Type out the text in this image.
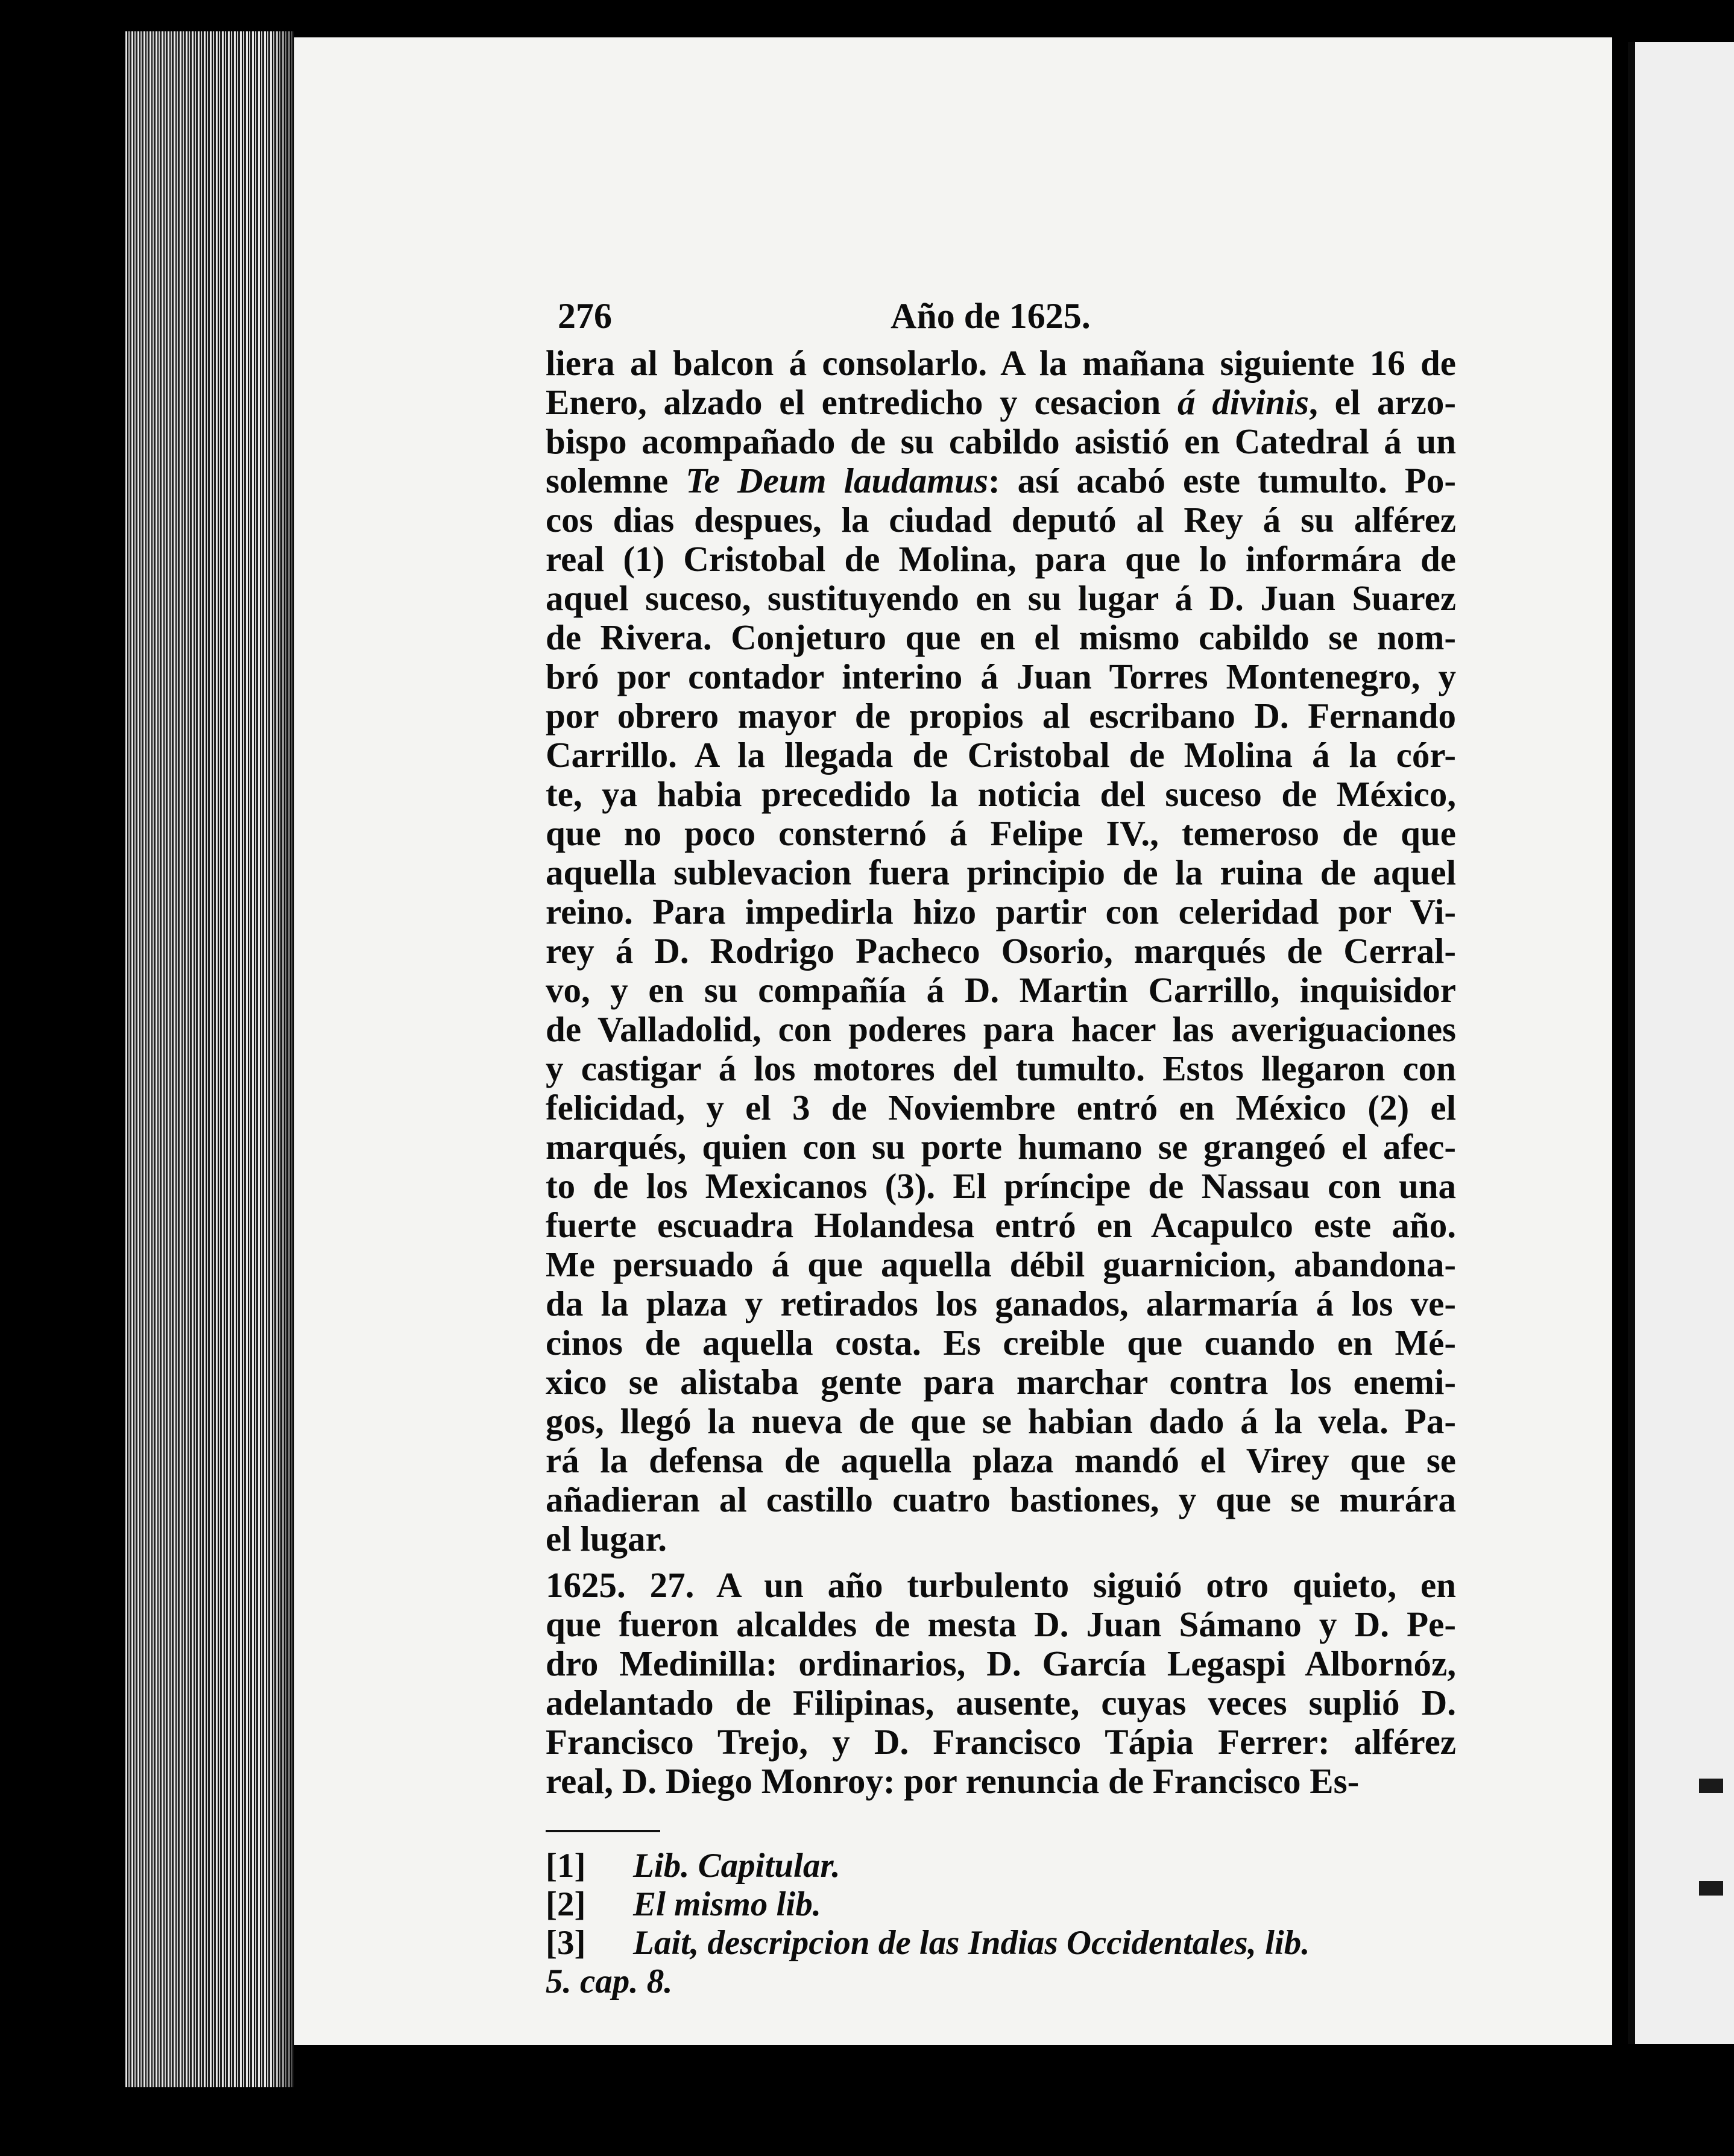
276	Año de 1625.
liera al balcon á consolarlo. A la mañana siguiente 16 de
Enero, alzado el entredicho y cesacion á divinis, el arzo-
bispo acompañado de su cabildo asistió en Catedral á un
solemne Te Deum laudamus: así acabó este tumulto. Po-
cos dias despues, la ciudad deputó al Rey á su alférez
real (1) Cristobal de Molina, para que lo informára de
aquel suceso, sustituyendo en su lugar á D. Juan Suarez
de Rivera. Conjeturo que en el mismo cabildo se nom-
bró por contador interino á Juan Torres Montenegro, y
por obrero mayor de propios al escribano D. Fernando
Carrillo. A la llegada de Cristobal de Molina á la cór-
te, ya habia precedido la noticia del suceso de México,
que no poco consternó á Felipe IV., temeroso de que
aquella sublevacion fuera principio de la ruina de aquel
reino. Para impedirla hizo partir con celeridad por Vi-
rey á D. Rodrigo Pacheco Osorio, marqués de Cerral-
vo, y en su compañía á D. Martin Carrillo, inquisidor
de Valladolid, con poderes para hacer las averiguaciones
y castigar á los motores del tumulto. Estos llegaron con
felicidad, y el 3 de Noviembre entró en México (2) el
marqués, quien con su porte humano se grangeó el afec-
to de los Mexicanos (3). El príncipe de Nassau con una
fuerte escuadra Holandesa entró en Acapulco este año.
Me persuado á que aquella débil guarnicion, abandona-
da la plaza y retirados los ganados, alarmaría á los ve-
cinos de aquella costa. Es creible que cuando en Mé-
xico se alistaba gente para marchar contra los enemi-
gos, llegó la nueva de que se habian dado á la vela. Pa-
rá la defensa de aquella plaza mandó el Virey que se
añadieran al castillo cuatro bastiones, y que se murára
el lugar.
1625. 27. A un año turbulento siguió otro quieto, en
que fueron alcaldes de mesta D. Juan Sámano y D. Pe-
dro Medinilla: ordinarios, D. García Legaspi Albornóz,
adelantado de Filipinas, ausente, cuyas veces suplió D.
Francisco Trejo, y D. Francisco Tápia Ferrer: alférez
real, D. Diego Monroy: por renuncia de Francisco Es-
[1]	Lib. Capitular.
[2]	El mismo lib.
[3]	Lait, descripcion de las Indias Occidentales, lib.
5. cap. 8.
